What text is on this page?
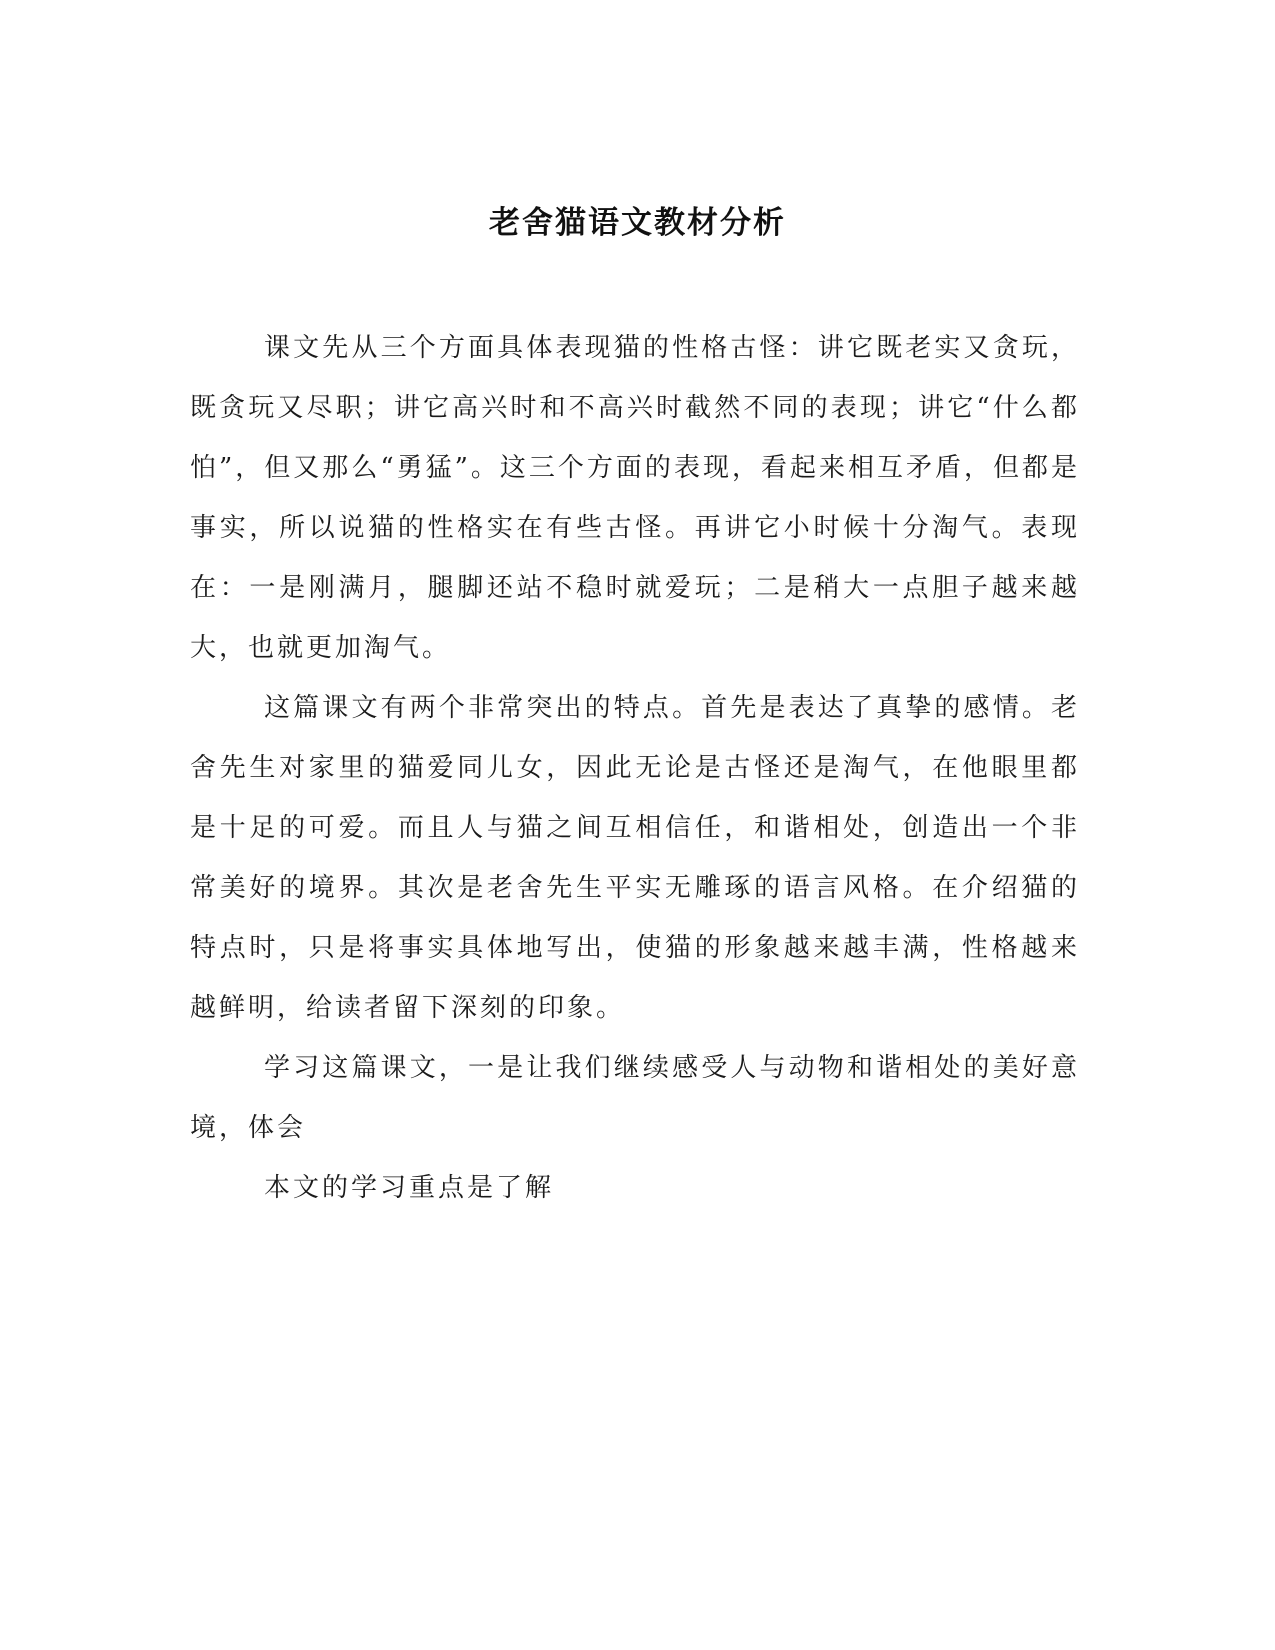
老舍猫语文教材分析

课文先从三个方面具体表现猫的性格古怪：讲它既老实又贪玩，既贪玩又尽职；讲它高兴时和不高兴时截然不同的表现；讲它“什么都怕”，但又那么“勇猛”。这三个方面的表现，看起来相互矛盾，但都是事实，所以说猫的性格实在有些古怪。再讲它小时候十分淘气。表现在：一是刚满月，腿脚还站不稳时就爱玩；二是稍大一点胆子越来越大，也就更加淘气。

这篇课文有两个非常突出的特点。首先是表达了真挚的感情。老舍先生对家里的猫爱同儿女，因此无论是古怪还是淘气，在他眼里都是十足的可爱。而且人与猫之间互相信任，和谐相处，创造出一个非常美好的境界。其次是老舍先生平实无雕琢的语言风格。在介绍猫的特点时，只是将事实具体地写出，使猫的形象越来越丰满，性格越来越鲜明，给读者留下深刻的印象。

学习这篇课文，一是让我们继续感受人与动物和谐相处的美好意境，体会

本文的学习重点是了解
